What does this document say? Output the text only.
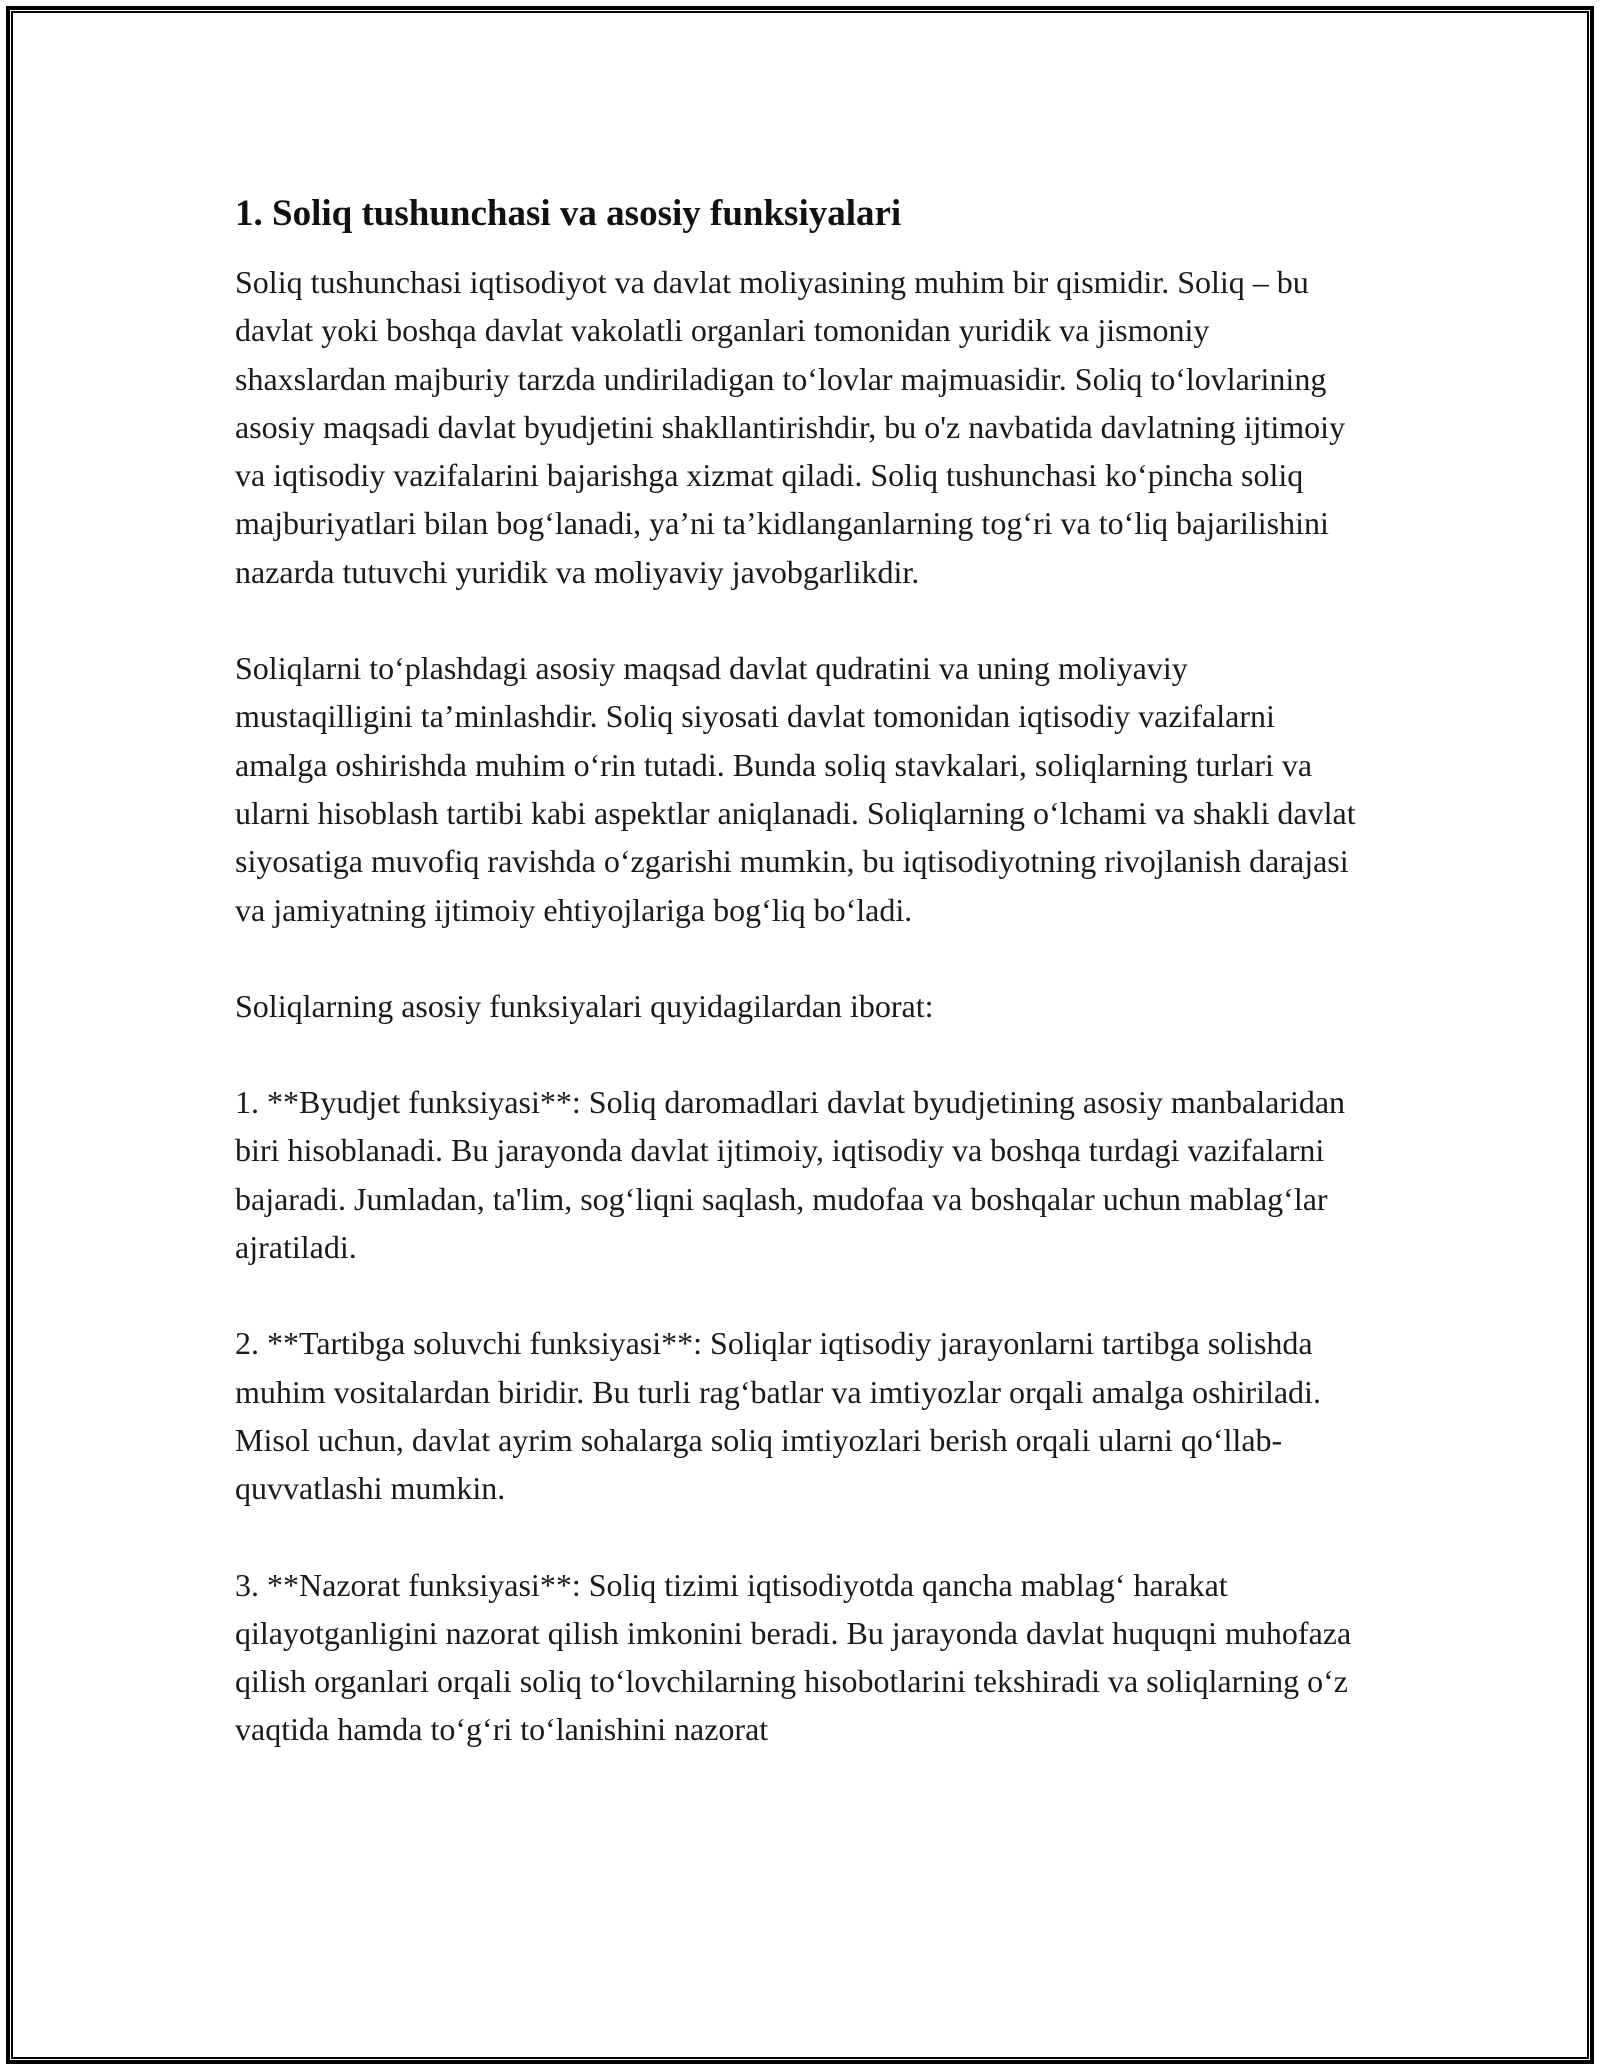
1. Soliq tushunchasi va asosiy funksiyalari

Soliq tushunchasi iqtisodiyot va davlat moliyasining muhim bir qismidir. Soliq – bu davlat yoki boshqa davlat vakolatli organlari tomonidan yuridik va jismoniy shaxslardan majburiy tarzda undiriladigan to‘lovlar majmuasidir. Soliq to‘lovlarining asosiy maqsadi davlat byudjetini shakllantirishdir, bu o'z navbatida davlatning ijtimoiy va iqtisodiy vazifalarini bajarishga xizmat qiladi. Soliq tushunchasi ko‘pincha soliq majburiyatlari bilan bog‘lanadi, ya’ni ta’kidlanganlarning tog‘ri va to‘liq bajarilishini nazarda tutuvchi yuridik va moliyaviy javobgarlikdir.

Soliqlarni to‘plashdagi asosiy maqsad davlat qudratini va uning moliyaviy mustaqilligini ta’minlashdir. Soliq siyosati davlat tomonidan iqtisodiy vazifalarni amalga oshirishda muhim o‘rin tutadi. Bunda soliq stavkalari, soliqlarning turlari va ularni hisoblash tartibi kabi aspektlar aniqlanadi. Soliqlarning o‘lchami va shakli davlat siyosatiga muvofiq ravishda o‘zgarishi mumkin, bu iqtisodiyotning rivojlanish darajasi va jamiyatning ijtimoiy ehtiyojlariga bog‘liq bo‘ladi.

Soliqlarning asosiy funksiyalari quyidagilardan iborat:

1. **Byudjet funksiyasi**: Soliq daromadlari davlat byudjetining asosiy manbalaridan biri hisoblanadi. Bu jarayonda davlat ijtimoiy, iqtisodiy va boshqa turdagi vazifalarni bajaradi. Jumladan, ta'lim, sog‘liqni saqlash, mudofaa va boshqalar uchun mablag‘lar ajratiladi.

2. **Tartibga soluvchi funksiyasi**: Soliqlar iqtisodiy jarayonlarni tartibga solishda muhim vositalardan biridir. Bu turli rag‘batlar va imtiyozlar orqali amalga oshiriladi. Misol uchun, davlat ayrim sohalarga soliq imtiyozlari berish orqali ularni qo‘llab-quvvatlashi mumkin.

3. **Nazorat funksiyasi**: Soliq tizimi iqtisodiyotda qancha mablag‘ harakat qilayotganligini nazorat qilish imkonini beradi. Bu jarayonda davlat huquqni muhofaza qilish organlari orqali soliq to‘lovchilarning hisobotlarini tekshiradi va soliqlarning o‘z vaqtida hamda to‘g‘ri to‘lanishini nazorat
